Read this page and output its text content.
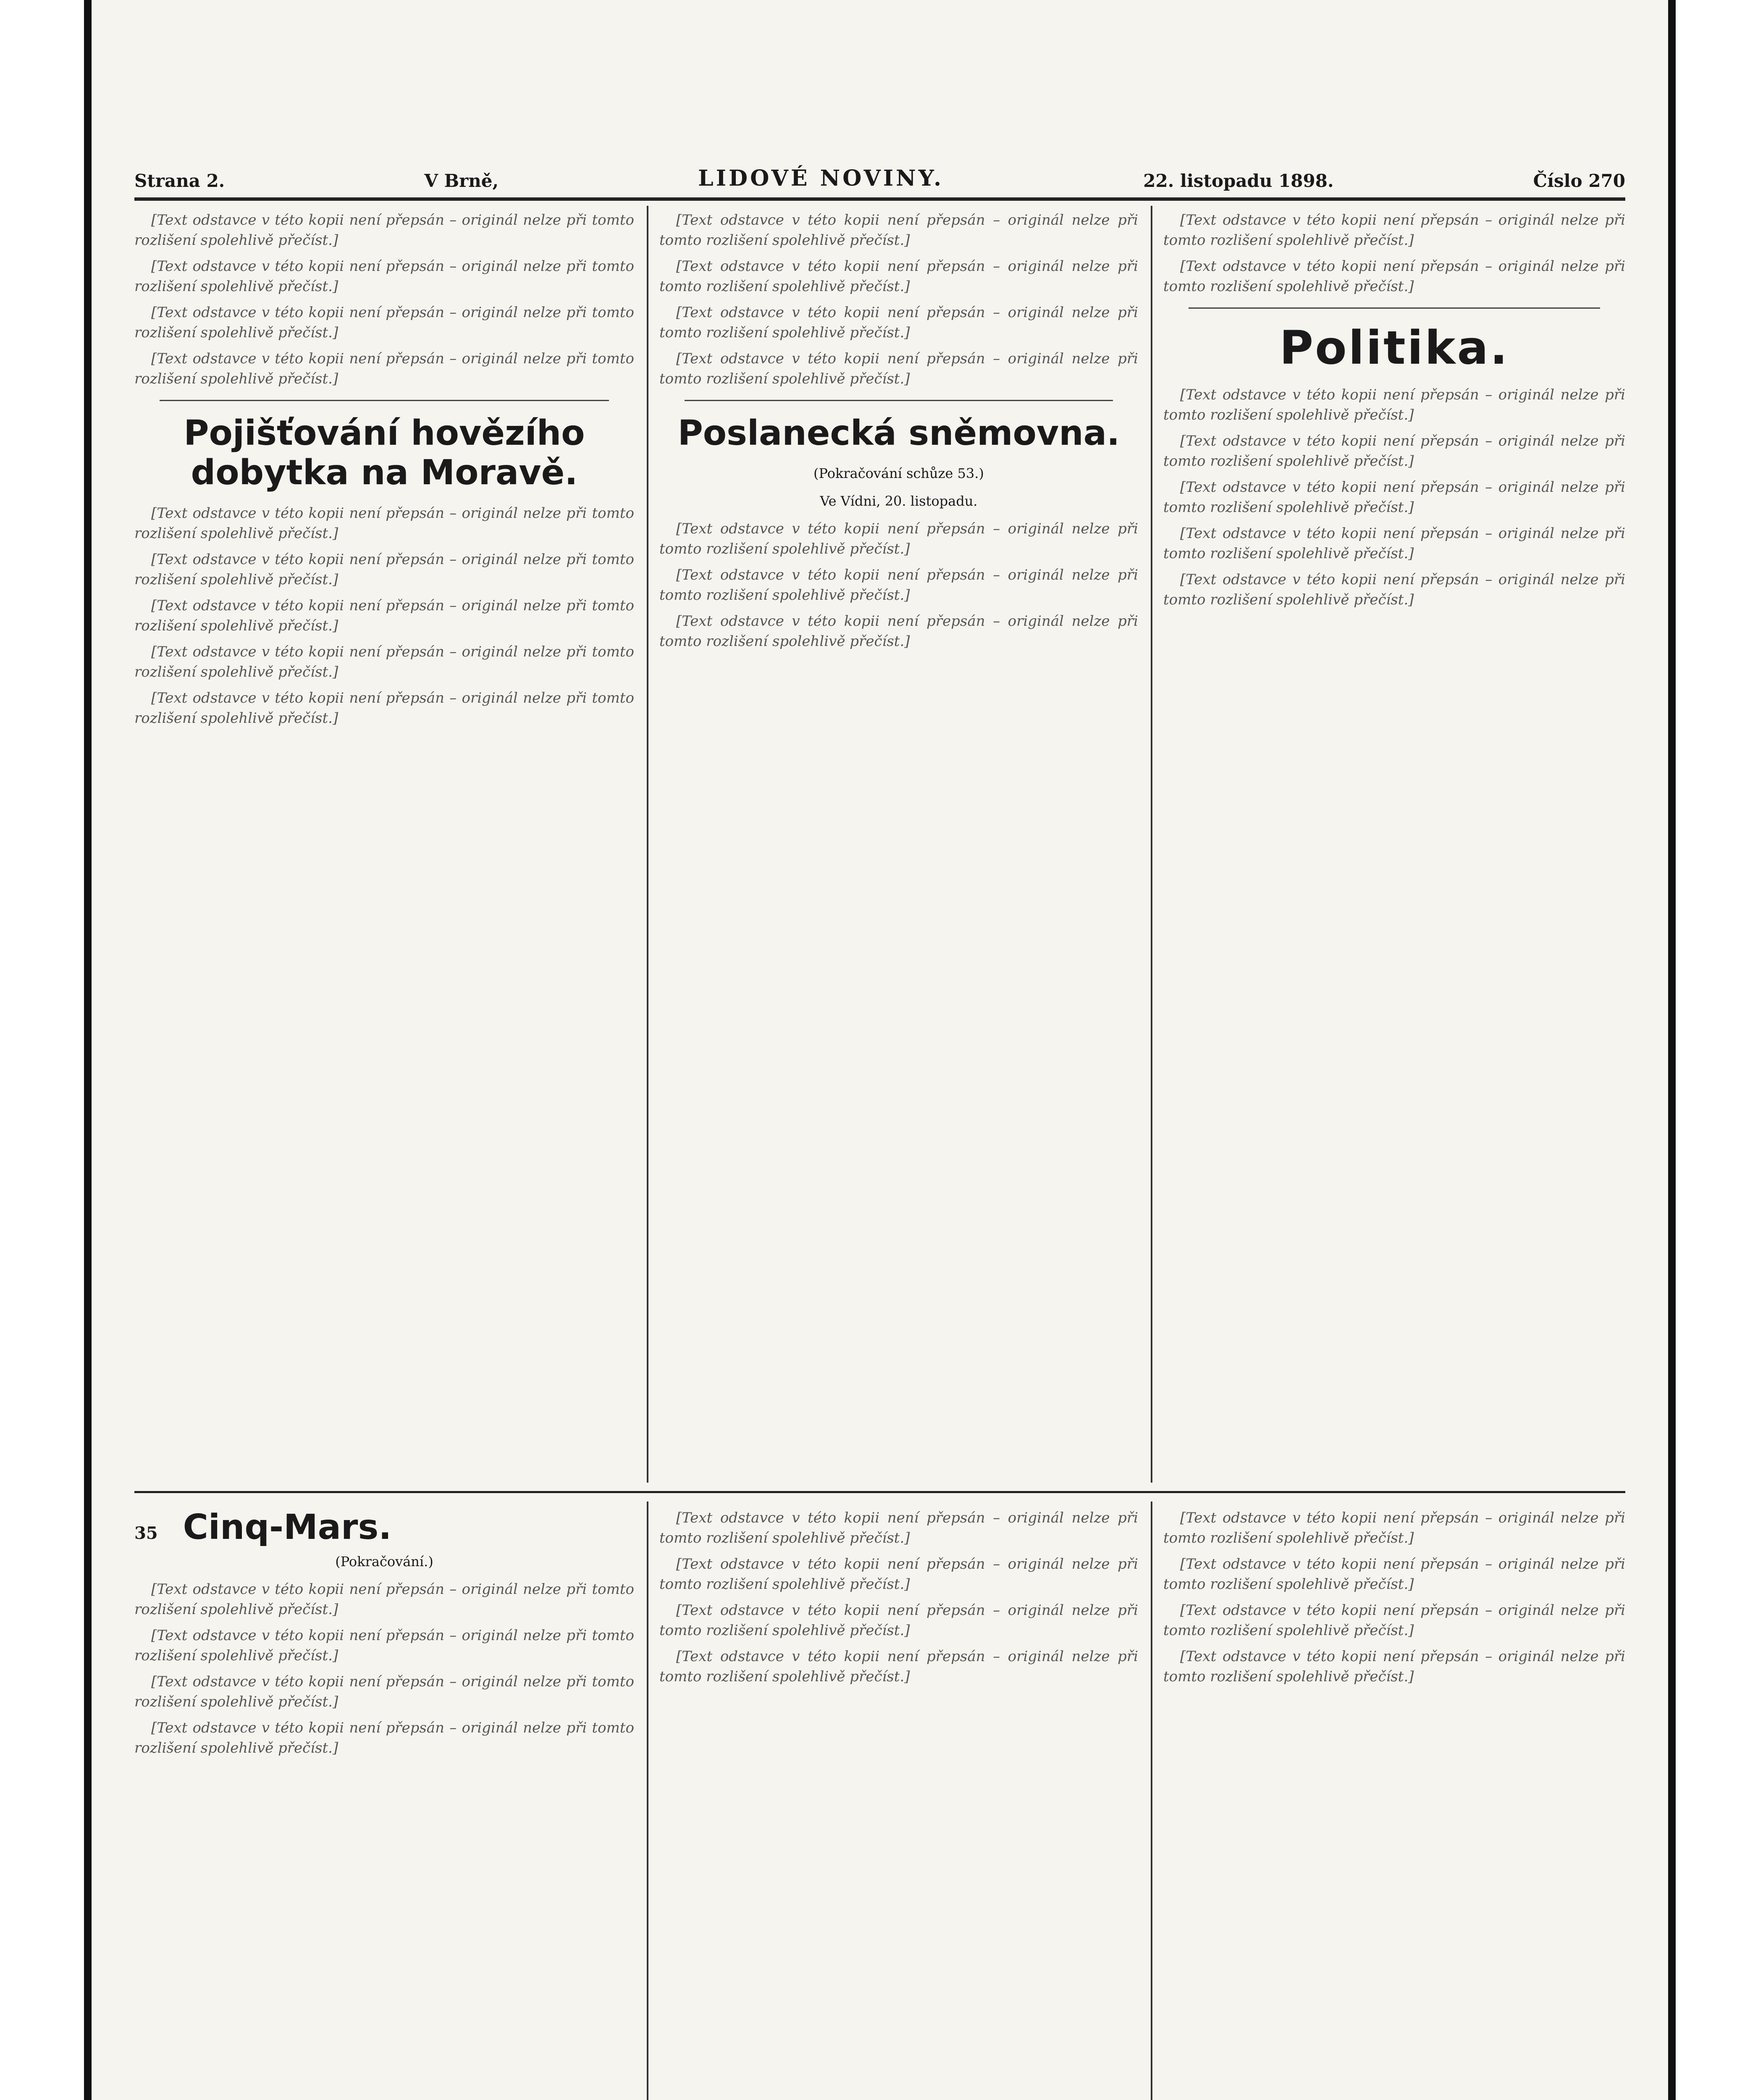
Strana 2.	V Brně,	LIDOVÉ NOVINY.	22. listopadu 1898.	Číslo 270

[Text odstavce v této kopii není přepsán – originál nelze při tomto rozlišení spolehlivě přečíst.]

[Text odstavce v této kopii není přepsán – originál nelze při tomto rozlišení spolehlivě přečíst.]

[Text odstavce v této kopii není přepsán – originál nelze při tomto rozlišení spolehlivě přečíst.]

[Text odstavce v této kopii není přepsán – originál nelze při tomto rozlišení spolehlivě přečíst.]

Pojišťování hovězího dobytka na Moravě.

[Text odstavce v této kopii není přepsán – originál nelze při tomto rozlišení spolehlivě přečíst.]

[Text odstavce v této kopii není přepsán – originál nelze při tomto rozlišení spolehlivě přečíst.]

[Text odstavce v této kopii není přepsán – originál nelze při tomto rozlišení spolehlivě přečíst.]

[Text odstavce v této kopii není přepsán – originál nelze při tomto rozlišení spolehlivě přečíst.]

[Text odstavce v této kopii není přepsán – originál nelze při tomto rozlišení spolehlivě přečíst.]

[Text odstavce v této kopii není přepsán – originál nelze při tomto rozlišení spolehlivě přečíst.]

[Text odstavce v této kopii není přepsán – originál nelze při tomto rozlišení spolehlivě přečíst.]

[Text odstavce v této kopii není přepsán – originál nelze při tomto rozlišení spolehlivě přečíst.]

[Text odstavce v této kopii není přepsán – originál nelze při tomto rozlišení spolehlivě přečíst.]

Poslanecká sněmovna.
(Pokračování schůze 53.)
Ve Vídni, 20. listopadu.

[Text odstavce v této kopii není přepsán – originál nelze při tomto rozlišení spolehlivě přečíst.]

[Text odstavce v této kopii není přepsán – originál nelze při tomto rozlišení spolehlivě přečíst.]

[Text odstavce v této kopii není přepsán – originál nelze při tomto rozlišení spolehlivě přečíst.]

[Text odstavce v této kopii není přepsán – originál nelze při tomto rozlišení spolehlivě přečíst.]

[Text odstavce v této kopii není přepsán – originál nelze při tomto rozlišení spolehlivě přečíst.]

Politika.

[Text odstavce v této kopii není přepsán – originál nelze při tomto rozlišení spolehlivě přečíst.]

[Text odstavce v této kopii není přepsán – originál nelze při tomto rozlišení spolehlivě přečíst.]

[Text odstavce v této kopii není přepsán – originál nelze při tomto rozlišení spolehlivě přečíst.]

[Text odstavce v této kopii není přepsán – originál nelze při tomto rozlišení spolehlivě přečíst.]

[Text odstavce v této kopii není přepsán – originál nelze při tomto rozlišení spolehlivě přečíst.]

35 Cinq-Mars.
(Pokračování.)

[Text odstavce v této kopii není přepsán – originál nelze při tomto rozlišení spolehlivě přečíst.]

[Text odstavce v této kopii není přepsán – originál nelze při tomto rozlišení spolehlivě přečíst.]

[Text odstavce v této kopii není přepsán – originál nelze při tomto rozlišení spolehlivě přečíst.]

[Text odstavce v této kopii není přepsán – originál nelze při tomto rozlišení spolehlivě přečíst.]

[Text odstavce v této kopii není přepsán – originál nelze při tomto rozlišení spolehlivě přečíst.]

[Text odstavce v této kopii není přepsán – originál nelze při tomto rozlišení spolehlivě přečíst.]

[Text odstavce v této kopii není přepsán – originál nelze při tomto rozlišení spolehlivě přečíst.]

[Text odstavce v této kopii není přepsán – originál nelze při tomto rozlišení spolehlivě přečíst.]

[Text odstavce v této kopii není přepsán – originál nelze při tomto rozlišení spolehlivě přečíst.]

[Text odstavce v této kopii není přepsán – originál nelze při tomto rozlišení spolehlivě přečíst.]

[Text odstavce v této kopii není přepsán – originál nelze při tomto rozlišení spolehlivě přečíst.]

[Text odstavce v této kopii není přepsán – originál nelze při tomto rozlišení spolehlivě přečíst.]
